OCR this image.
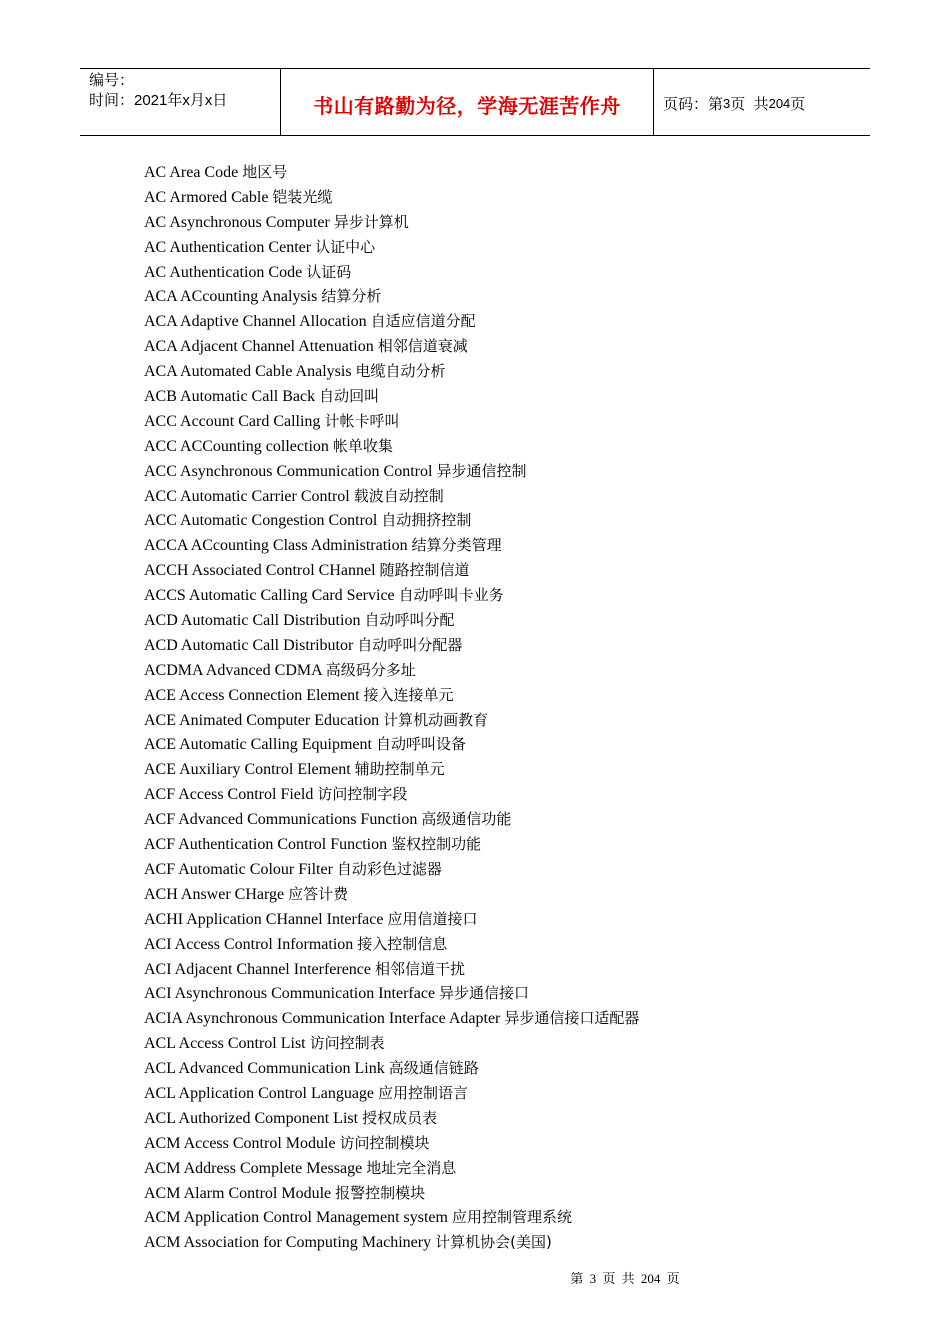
编号：
时间：2021年x月x日	书山有路勤为径，学海无涯苦作舟	页码：第 3 页  共 204 页
AC Area Code 地区号
AC Armored Cable 铠装光缆
AC Asynchronous Computer 异步计算机
AC Authentication Center 认证中心
AC Authentication Code 认证码
ACA ACcounting Analysis 结算分析
ACA Adaptive Channel Allocation 自适应信道分配
ACA Adjacent Channel Attenuation 相邻信道衰减
ACA Automated Cable Analysis 电缆自动分析
ACB Automatic Call Back 自动回叫
ACC Account Card Calling 计帐卡呼叫
ACC ACCounting collection 帐单收集
ACC Asynchronous Communication Control 异步通信控制
ACC Automatic Carrier Control 载波自动控制
ACC Automatic Congestion Control 自动拥挤控制
ACCA ACcounting Class Administration 结算分类管理
ACCH Associated Control CHannel 随路控制信道
ACCS Automatic Calling Card Service 自动呼叫卡业务
ACD Automatic Call Distribution 自动呼叫分配
ACD Automatic Call Distributor 自动呼叫分配器
ACDMA Advanced CDMA 高级码分多址
ACE Access Connection Element 接入连接单元
ACE Animated Computer Education 计算机动画教育
ACE Automatic Calling Equipment 自动呼叫设备
ACE Auxiliary Control Element 辅助控制单元
ACF Access Control Field 访问控制字段
ACF Advanced Communications Function 高级通信功能
ACF Authentication Control Function 鉴权控制功能
ACF Automatic Colour Filter 自动彩色过滤器
ACH Answer CHarge 应答计费
ACHI Application CHannel Interface 应用信道接口
ACI Access Control Information 接入控制信息
ACI Adjacent Channel Interference 相邻信道干扰
ACI Asynchronous Communication Interface 异步通信接口
ACIA Asynchronous Communication Interface Adapter 异步通信接口适配器
ACL Access Control List 访问控制表
ACL Advanced Communication Link 高级通信链路
ACL Application Control Language 应用控制语言
ACL Authorized Component List 授权成员表
ACM Access Control Module 访问控制模块
ACM Address Complete Message 地址完全消息
ACM Alarm Control Module 报警控制模块
ACM Application Control Management system 应用控制管理系统
ACM Association for Computing Machinery 计算机协会(美国)
第 3 页 共 204 页
